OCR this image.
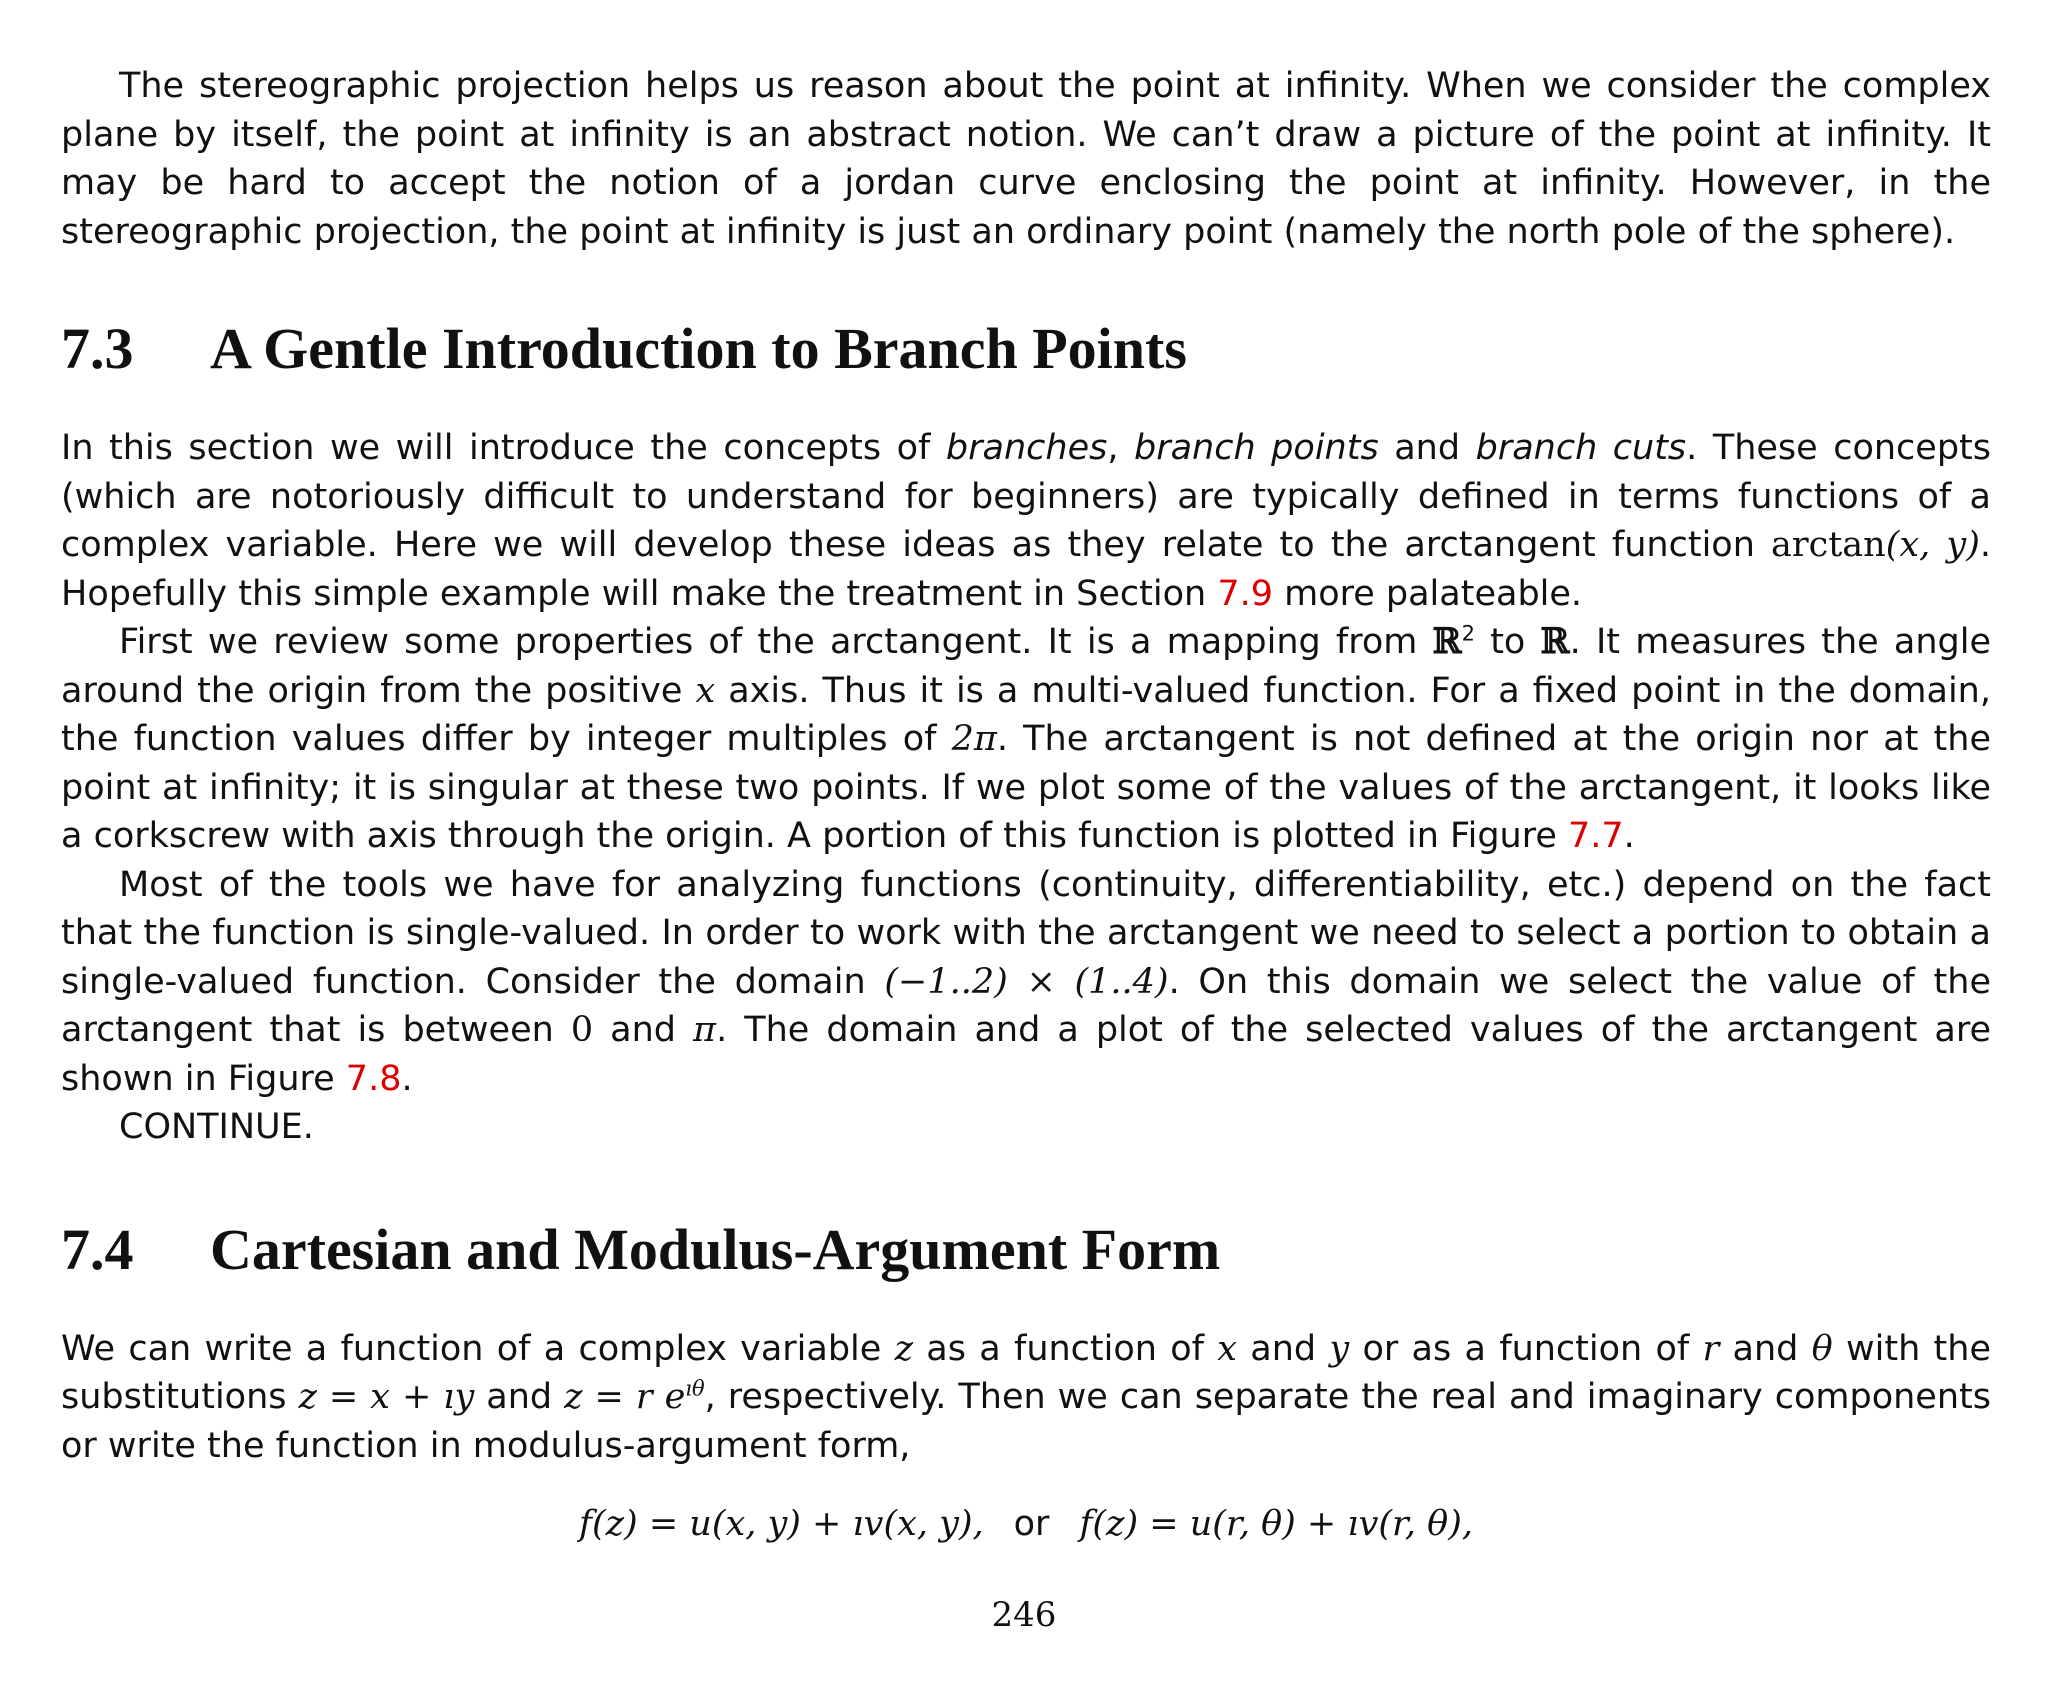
The stereographic projection helps us reason about the point at infinity. When we consider the complex plane by itself, the point at infinity is an abstract notion. We can’t draw a picture of the point at infinity. It may be hard to accept the notion of a jordan curve enclosing the point at infinity. However, in the stereographic projection, the point at infinity is just an ordinary point (namely the north pole of the sphere).

7.3 A Gentle Introduction to Branch Points

In this section we will introduce the concepts of branches, branch points and branch cuts. These concepts (which are notoriously difficult to understand for beginners) are typically defined in terms functions of a complex variable. Here we will develop these ideas as they relate to the arctangent function arctan(x, y). Hopefully this simple example will make the treatment in Section 7.9 more palateable.

First we review some properties of the arctangent. It is a mapping from ℝ$^2$ to ℝ. It measures the angle around the origin from the positive x axis. Thus it is a multi-valued function. For a fixed point in the domain, the function values differ by integer multiples of 2π. The arctangent is not defined at the origin nor at the point at infinity; it is singular at these two points. If we plot some of the values of the arctangent, it looks like a corkscrew with axis through the origin. A portion of this function is plotted in Figure 7.7.

Most of the tools we have for analyzing functions (continuity, differentiability, etc.) depend on the fact that the function is single-valued. In order to work with the arctangent we need to select a portion to obtain a single-valued function. Consider the domain (−1..2) × (1..4). On this domain we select the value of the arctangent that is between 0 and π. The domain and a plot of the selected values of the arctangent are shown in Figure 7.8.

CONTINUE.

7.4 Cartesian and Modulus-Argument Form

We can write a function of a complex variable z as a function of x and y or as a function of r and θ with the substitutions z = x + ıy and z = r $e^{ı\theta}$, respectively. Then we can separate the real and imaginary components or write the function in modulus-argument form,

f(z) = u(x, y) + ıv(x, y), or f(z) = u(r, θ) + ıv(r, θ),
246
